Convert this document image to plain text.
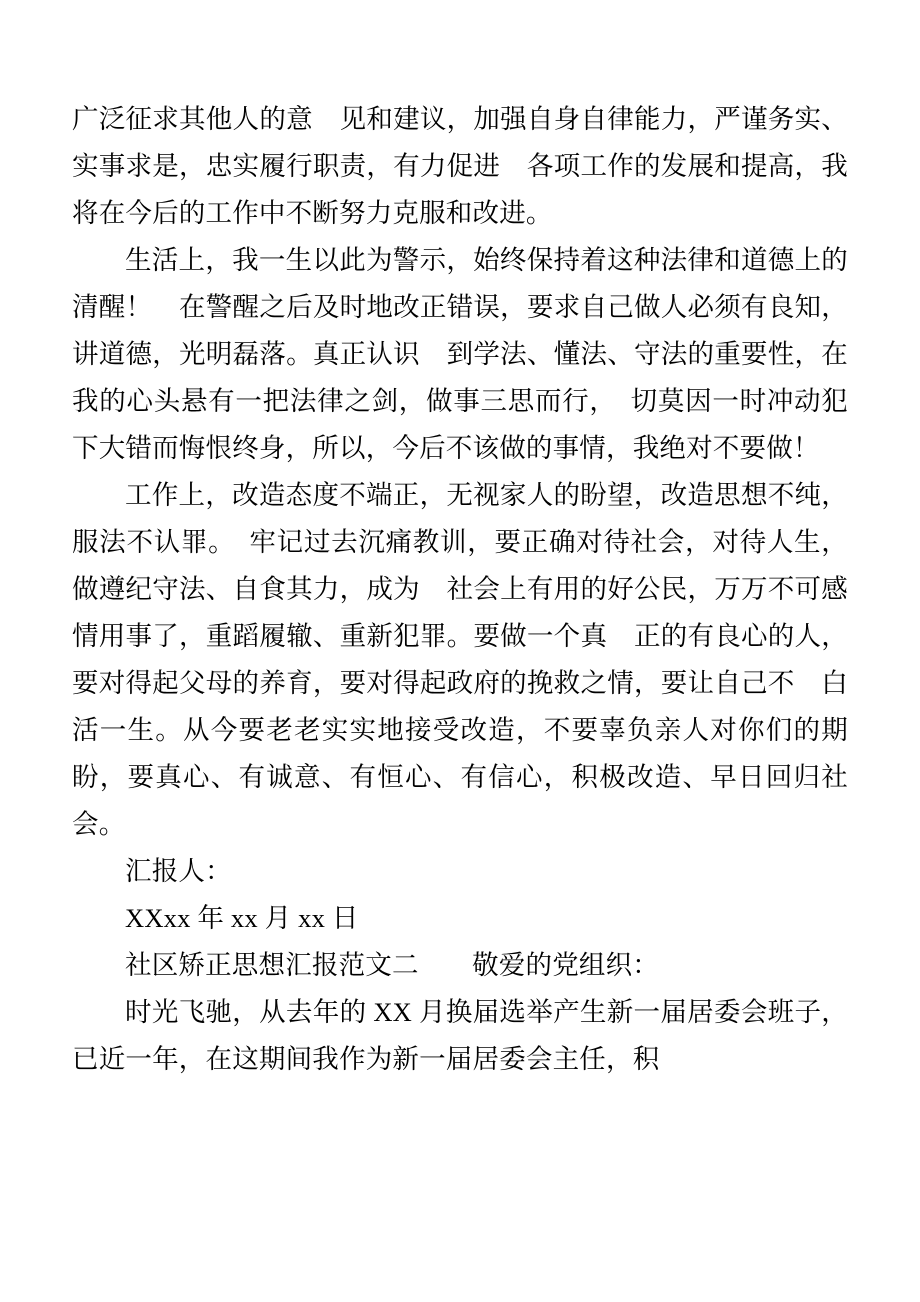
广泛征求其他人的意　见和建议，加强自身自律能力，严谨务实、实事求是，忠实履行职责，有力促进　各项工作的发展和提高，我将在今后的工作中不断努力克服和改进。

生活上，我一生以此为警示，始终保持着这种法律和道德上的清醒！　在警醒之后及时地改正错误，要求自己做人必须有良知，讲道德，光明磊落。真正认识　到学法、懂法、守法的重要性，在我的心头悬有一把法律之剑，做事三思而行，　切莫因一时冲动犯下大错而悔恨终身，所以，今后不该做的事情，我绝对不要做！

工作上，改造态度不端正，无视家人的盼望，改造思想不纯，服法不认罪。　牢记过去沉痛教训，要正确对待社会，对待人生，做遵纪守法、自食其力，成为　社会上有用的好公民，万万不可感情用事了，重蹈履辙、重新犯罪。要做一个真　正的有良心的人，要对得起父母的养育，要对得起政府的挽救之情，要让自己不　白活一生。从今要老老实实地接受改造，不要辜负亲人对你们的期盼，要真心、有诚意、有恒心、有信心，积极改造、早日回归社会。

汇报人：

XXxx 年 xx 月 xx 日

社区矫正思想汇报范文二　　敬爱的党组织：

时光飞驰，从去年的 XX 月换届选举产生新一届居委会班子，已近一年，在这期间我作为新一届居委会主任，积
